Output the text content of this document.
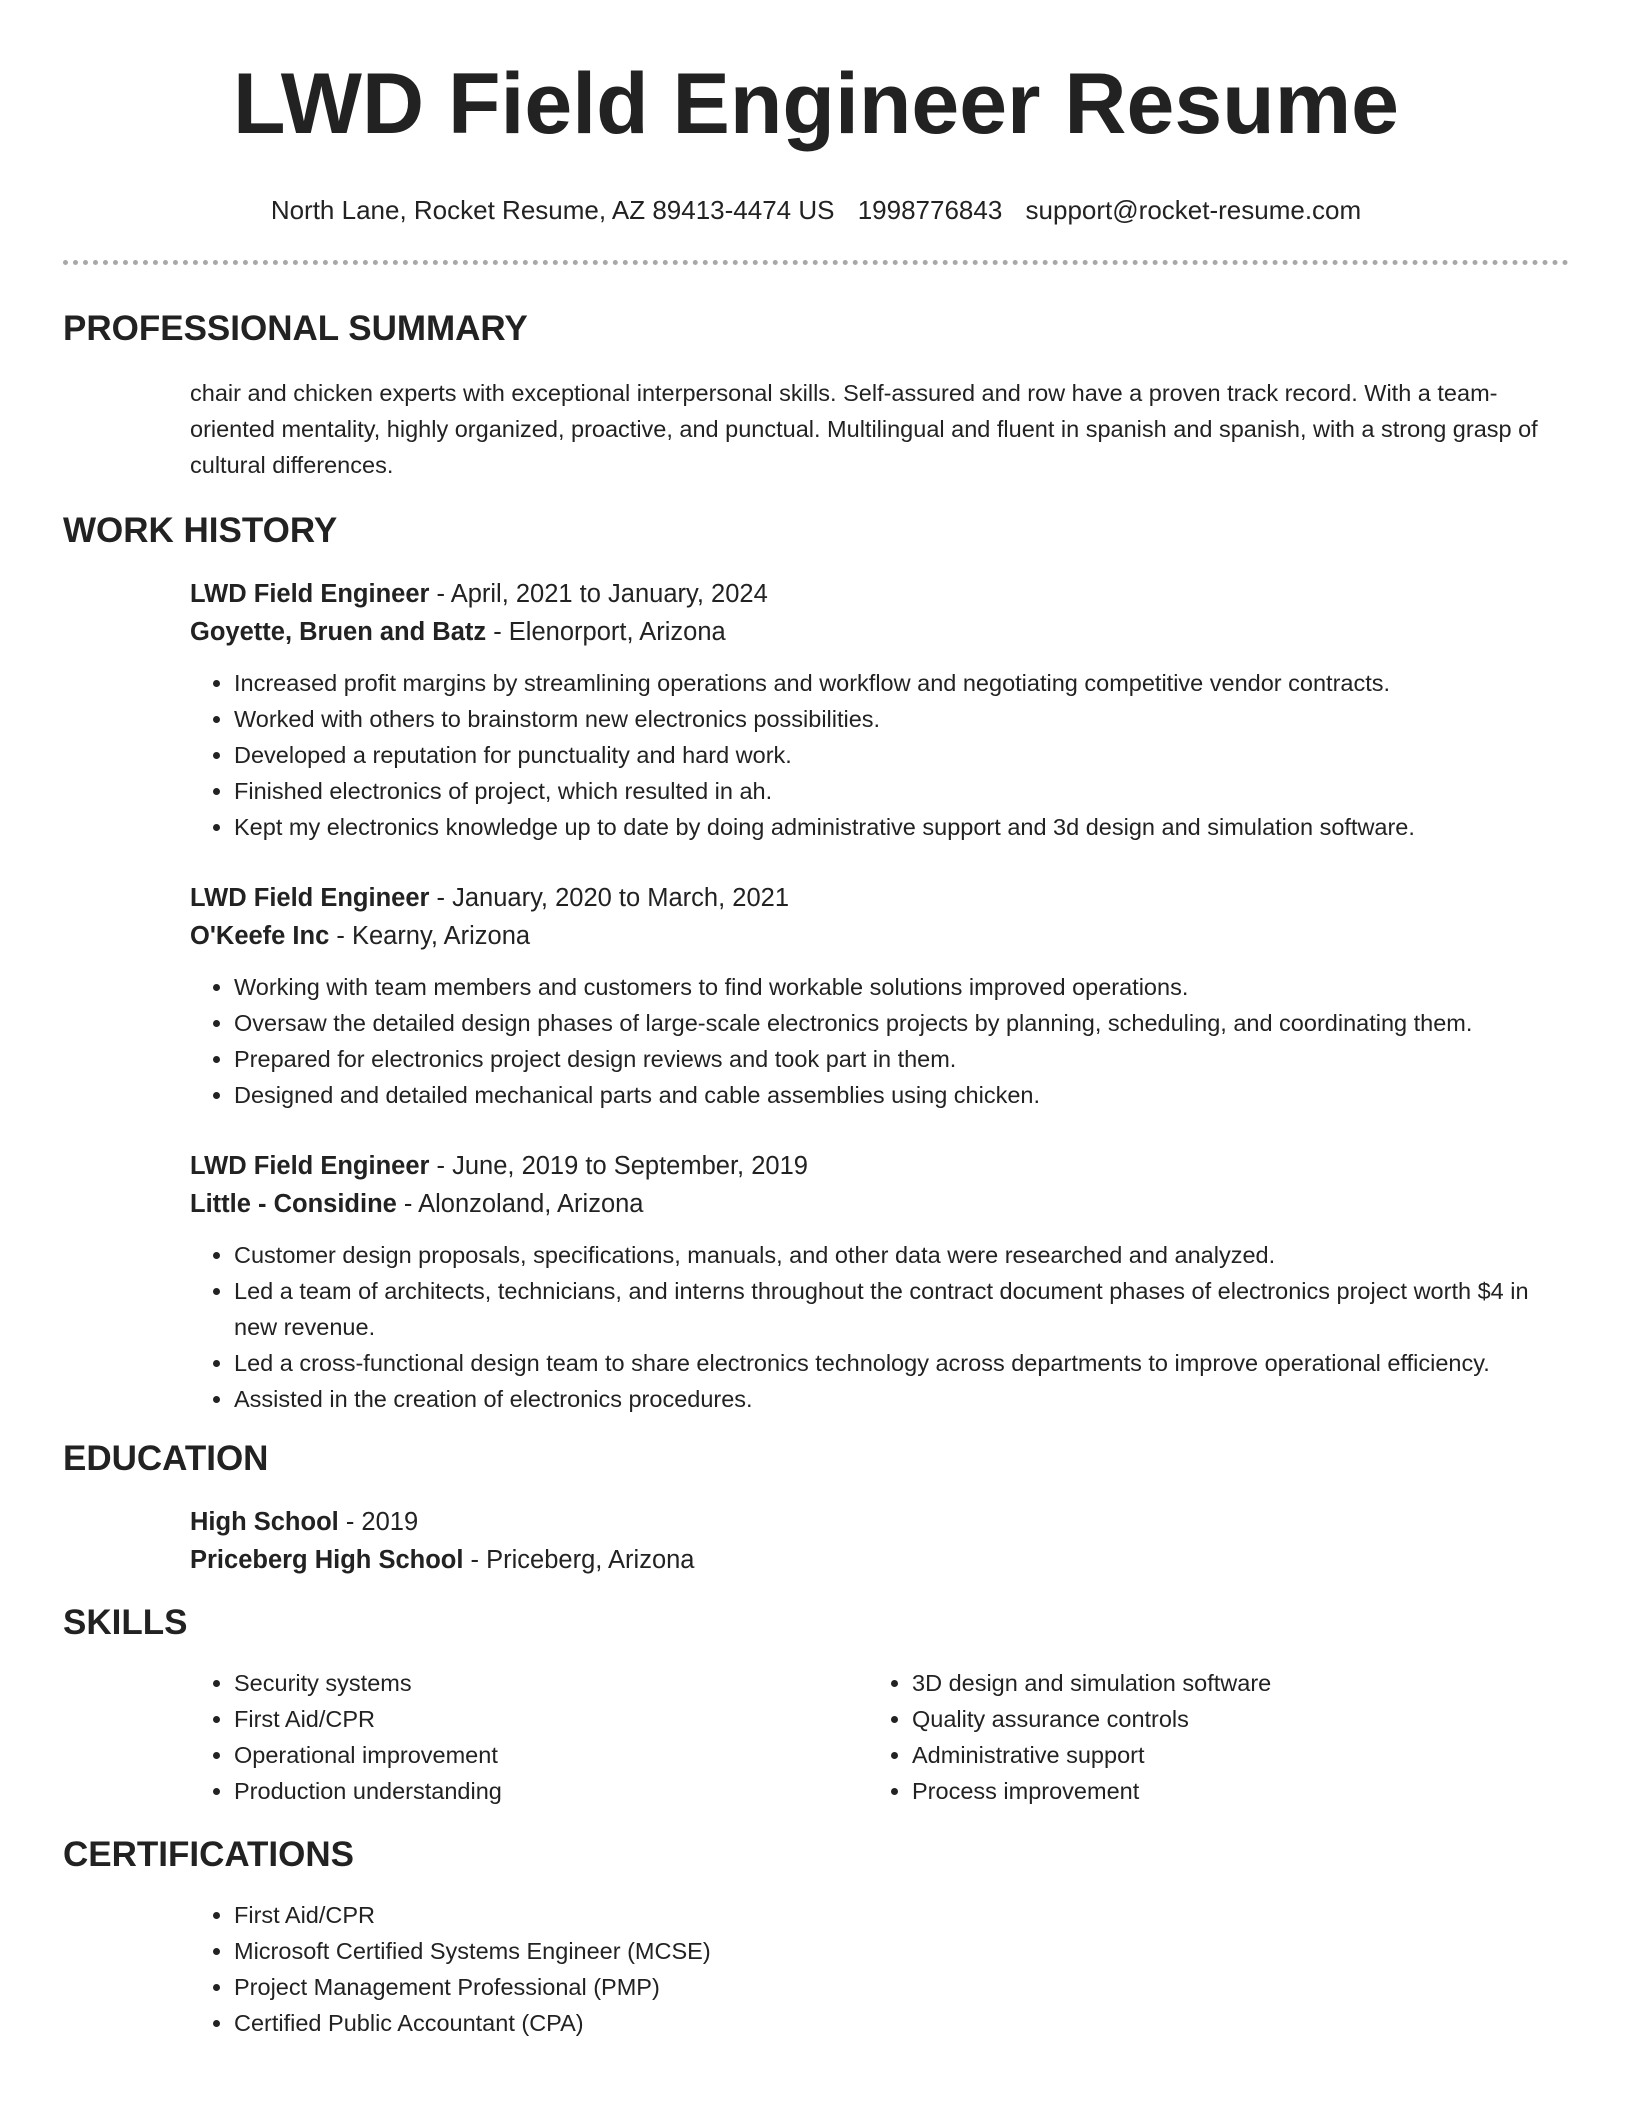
LWD Field Engineer Resume
North Lane, Rocket Resume, AZ 89413-4474 US 1998776843 support@rocket-resume.com
PROFESSIONAL SUMMARY

chair and chicken experts with exceptional interpersonal skills. Self-assured and row have a proven track record. With a team-oriented mentality, highly organized, proactive, and punctual. Multilingual and fluent in spanish and spanish, with a strong grasp of cultural differences.

WORK HISTORY
LWD Field Engineer - April, 2021 to January, 2024
Goyette, Bruen and Batz - Elenorport, Arizona
• Increased profit margins by streamlining operations and workflow and negotiating competitive vendor contracts.
• Worked with others to brainstorm new electronics possibilities.
• Developed a reputation for punctuality and hard work.
• Finished electronics of project, which resulted in ah.
• Kept my electronics knowledge up to date by doing administrative support and 3d design and simulation software.
LWD Field Engineer - January, 2020 to March, 2021
O'Keefe Inc - Kearny, Arizona
• Working with team members and customers to find workable solutions improved operations.
• Oversaw the detailed design phases of large-scale electronics projects by planning, scheduling, and coordinating them.
• Prepared for electronics project design reviews and took part in them.
• Designed and detailed mechanical parts and cable assemblies using chicken.
LWD Field Engineer - June, 2019 to September, 2019
Little - Considine - Alonzoland, Arizona
• Customer design proposals, specifications, manuals, and other data were researched and analyzed.
• Led a team of architects, technicians, and interns throughout the contract document phases of electronics project worth $4 in new revenue.
• Led a cross-functional design team to share electronics technology across departments to improve operational efficiency.
• Assisted in the creation of electronics procedures.
EDUCATION
High School - 2019
Priceberg High School - Priceberg, Arizona
SKILLS
• Security systems
• First Aid/CPR
• Operational improvement
• Production understanding
• 3D design and simulation software
• Quality assurance controls
• Administrative support
• Process improvement
CERTIFICATIONS
• First Aid/CPR
• Microsoft Certified Systems Engineer (MCSE)
• Project Management Professional (PMP)
• Certified Public Accountant (CPA)
